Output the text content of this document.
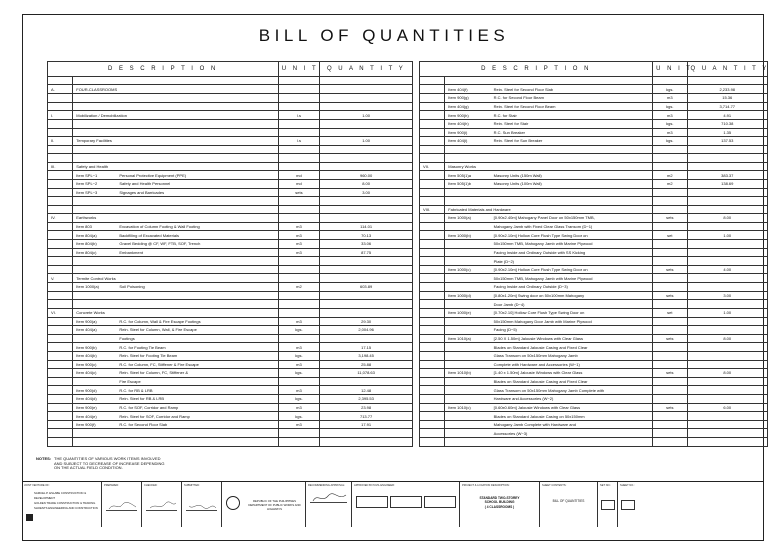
BILL OF QUANTITIES
D E S C R I P T I O N			U N I T	Q U A N T I T Y		D E S C R I P T I O N			U N I T	Q U A N T I T Y

A.	FOUR-CLASSROOMS						Item 404(f)	Rein. Steel for Second Floor Slab	kgs.	2,233.98
							Item 900(g)	R.C. for Second Floor Beam	m3	15.36
							Item 404(g)	Rein. Steel for Second Floor Beam	kgs.	3,714.77
I.	Mobilization / Demobilization		l.s	1.00			Item 900(h)	R.C. for Stair	m3	4.91
							Item 404(h)	Rein. Steel for Stair	kgs.	710.38
							Item 900(i)	R.C. Sun Breaker	m3	1.35
II.	Temporary Facilities		l.s	1.00			Item 404(i)	Rein. Steel for Sun Breaker	kgs.	137.53

III.	Safety and Health					VII.	Masonry Works			
	Item SPL−1	Personal Protective Equipment (PPE)	md	960.00			Item 505(1)a	Masonry Units (150m Wall)	m2	383.37
	Item SPL−2	Safety and Health Personnel	md	8.00			Item 505(1)b	Masonry Units (100m Wall)	m2	138.69
	Item SPL−3	Signages and Barricades	sets	3.00						

						VIII.	Fabricated Materials and Hardware			
IV.	Earthworks						Item 1000(a)	[0.90x2.40m] Mahogany Panel Door on 50x150mm TMB,	sets	8.00
	Item 803	Excavation of Column Footing & Wall Footing	m3	114.01				Mahogany Jamb with Fixed Clear Glass Transom (D−1)		
	Item 804(a)	Backfilling of Excavated Materials	m3	70.13			Item 1000(b)	[0.90x2.10m] Hollow Core Flush Type Swing Door on	set	1.00
	Item 804(b)	Gravel Bedding @ CF, WF, FTB, SOF, Trench	m3	33.06				50x150mm TMB, Mahogany Jamb with Marine Plywood		
	Item 804(c)	Embankment	m3	87.75				Facing Inside and Ordinary Outside with SS Kicking		
								Plate (D−2)		
							Item 1000(c)	[0.90x2.10m] Hollow Core Flush Type Swing Door on	sets	4.00
V.	Termite Control Works							50x150mm TMB, Mahogany Jamb with Marine Plywood		
	Item 1000(a)	Soil Poisoning	m2	603.89				Facing Inside and Ordinary Outside (D−3)		
							Item 1000(d)	[0.80x1.20m] Swing door on 50x100mm Mahogany	sets	3.00
								Door Jamb (D−4)		
VI.	Concrete Works						Item 1000(e)	[0.70x2.10] Hollow Core Flush Type Swing Door on	set	1.00
	Item 900(a)	R.C. for Column, Wall & Fire Escape Footings	m3	29.30				50x150mm Mahogany Door Jamb with Marine Plywood		
	Item 404(a)	Rein. Steel for Column, Wall, & Fire Escape	kgs.	2,004.96				Facing (D−5)		
		Footings					Item 1010(a)	[2.50 X 1.50m] Jalousie Windows with Clear Glass	sets	8.00
	Item 900(b)	R.C. for Footing Tie Beam	m3	17.15				Blades on Standard Jalousie Casing and Fixed Clear		
	Item 404(b)	Rein. Steel for Footing Tie Beam	kgs.	3,198.45				Glass Transom on 50x150mm Mahogany Jamb		
	Item 900(c)	R.C. for Column, FC, Stiffener & Fire Escape	m3	25.88				Complete with Hardware and Accessories (W−1)		
	Item 404(c)	Rein. Steel for Column, FC, Stiffener &	kgs.	11,078.63			Item 1010(b)	[1.40 x 1.50m] Jalousie Windows with Clear Glass	sets	8.00
		Fire Escape						Blades on Standard Jalousie Casing and Fixed Clear		
	Item 900(d)	R.C. for RB & LRB	m3	12.48				Glass Transom on 50x150mm Mahogany Jamb Complete with		
	Item 404(d)	Rein. Steel for RB & LRB	kgs.	2,395.53				Hardware and Accessories (W−2)		
	Item 900(e)	R.C. for SOF, Corridor and Ramp	m3	23.98			Item 1010(c)	[0.60x0.60m] Jalousie Windows with Clear Glass	sets	6.00
	Item 404(e)	Rein. Steel for SOF, Corridor and Ramp	kgs.	713.77				Blades on Standard Jalousie Casing on 50x150mm		
	Item 900(f)	R.C. for Second Floor Slab	m3	17.91				Mahogany Jamb Complete with Hardware and		
								Accessories (W−3)		

NOTES: THE QUANTITIES OF VARIOUS WORK ITEMS INVOLVED
AND SUBJECT TO DECREASE OF INCREASE DEPENDING
ON THE ACTUAL FIELD CONDITION.
JOINT VENTURE OF:
SAMUEL P. ESLABE CONSTRUCTION & DEVELOPMENT
GOLDEN TRADE CONSTRUCTION & TRADING
SHOENTS ENGINEERING AND CONSTRUCTION
PREPARED:	CHECKED:	SUBMITTED:
REPUBLIC OF THE PHILIPPINES
DEPARTMENT OF PUBLIC WORKS AND HIGHWAYS
RECOMMENDING APPROVAL:	APPROVED BY/CIVIL ENGINEER:	PROJECT & LOCATION DESCRIPTION:
STANDARD TWO-STOREY
SCHOOL BUILDING
( 4 CLASSROOMS )
SHEET CONTENTS:
BILL OF QUANTITIES
SET NO.:	SHEET NO.:
